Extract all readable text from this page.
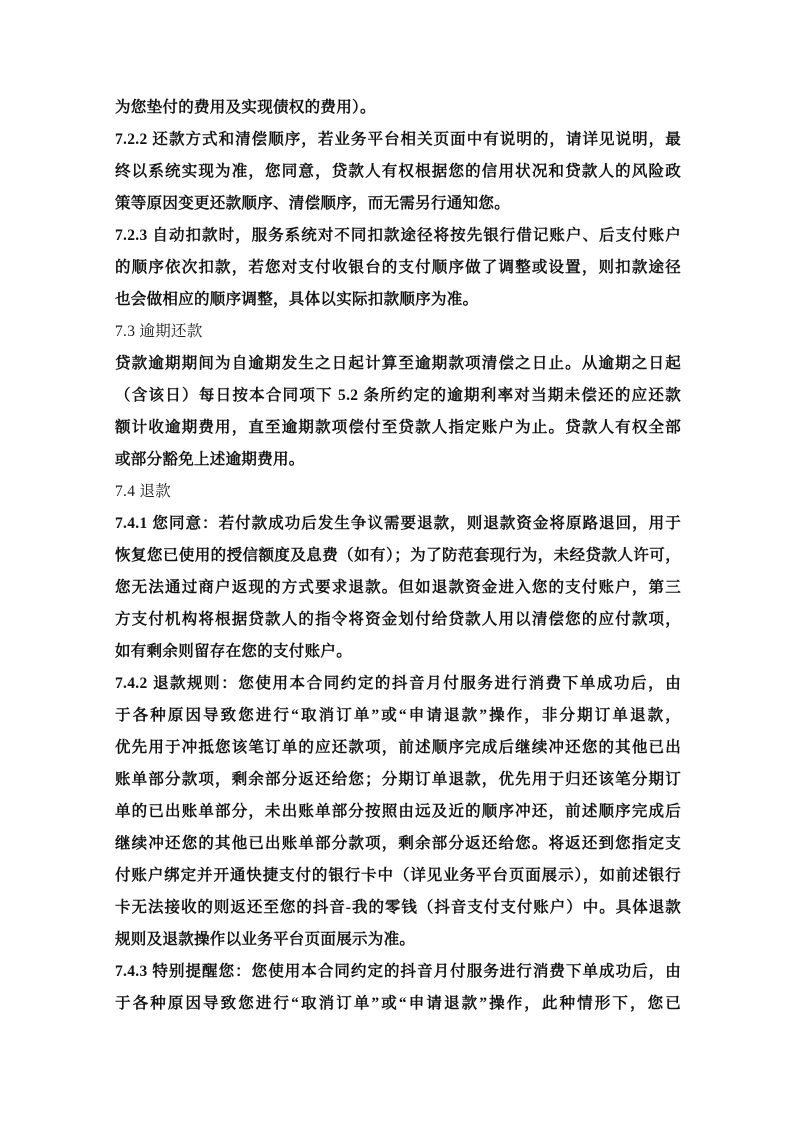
为您垫付的费用及实现债权的费用）。
7.2.2 还款方式和清偿顺序，若业务平台相关页面中有说明的，请详见说明，最
终以系统实现为准，您同意，贷款人有权根据您的信用状况和贷款人的风险政
策等原因变更还款顺序、清偿顺序，而无需另行通知您。
7.2.3 自动扣款时，服务系统对不同扣款途径将按先银行借记账户、后支付账户
的顺序依次扣款，若您对支付收银台的支付顺序做了调整或设置，则扣款途径
也会做相应的顺序调整，具体以实际扣款顺序为准。
7.3 逾期还款
贷款逾期期间为自逾期发生之日起计算至逾期款项清偿之日止。从逾期之日起
（含该日）每日按本合同项下 5.2 条所约定的逾期利率对当期未偿还的应还款
额计收逾期费用，直至逾期款项偿付至贷款人指定账户为止。贷款人有权全部
或部分豁免上述逾期费用。
7.4 退款
7.4.1 您同意：若付款成功后发生争议需要退款，则退款资金将原路退回，用于
恢复您已使用的授信额度及息费（如有）；为了防范套现行为，未经贷款人许可，
您无法通过商户返现的方式要求退款。但如退款资金进入您的支付账户，第三
方支付机构将根据贷款人的指令将资金划付给贷款人用以清偿您的应付款项，
如有剩余则留存在您的支付账户。
7.4.2 退款规则：您使用本合同约定的抖音月付服务进行消费下单成功后，由
于各种原因导致您进行“取消订单”或“申请退款”操作，非分期订单退款，
优先用于冲抵您该笔订单的应还款项，前述顺序完成后继续冲还您的其他已出
账单部分款项，剩余部分返还给您；分期订单退款，优先用于归还该笔分期订
单的已出账单部分，未出账单部分按照由远及近的顺序冲还，前述顺序完成后
继续冲还您的其他已出账单部分款项，剩余部分返还给您。将返还到您指定支
付账户绑定并开通快捷支付的银行卡中（详见业务平台页面展示），如前述银行
卡无法接收的则返还至您的抖音-我的零钱（抖音支付支付账户）中。具体退款
规则及退款操作以业务平台页面展示为准。
7.4.3 特别提醒您：您使用本合同约定的抖音月付服务进行消费下单成功后，由
于各种原因导致您进行“取消订单”或“申请退款”操作，此种情形下，您已
